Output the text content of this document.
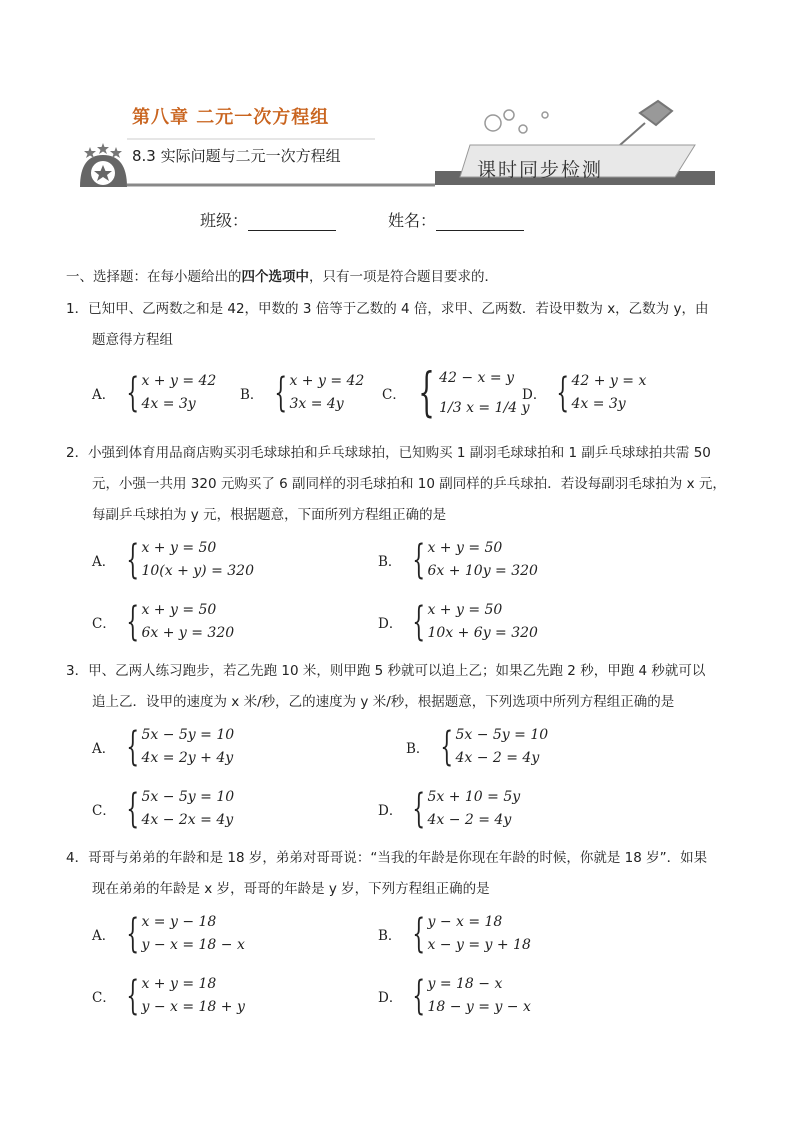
第八章 二元一次方程组
8.3 实际问题与二元一次方程组
课时同步检测
班级：	姓名：
一、选择题：在每小题给出的四个选项中，只有一项是符合题目要求的．
1．已知甲、乙两数之和是 42，甲数的 3 倍等于乙数的 4 倍，求甲、乙两数．若设甲数为 x，乙数为 y，由
题意得方程组
A． { x + y = 42
4x = 3y
B． { x + y = 42
3x = 4y
C． { 42 − x = y
1/3 x = 1/4 y
D． { 42 + y = x
4x = 3y
2．小强到体育用品商店购买羽毛球球拍和乒乓球球拍，已知购买 1 副羽毛球球拍和 1 副乒乓球球拍共需 50
元，小强一共用 320 元购买了 6 副同样的羽毛球拍和 10 副同样的乒乓球拍．若设每副羽毛球拍为 x 元，
每副乒乓球拍为 y 元，根据题意，下面所列方程组正确的是
A． { x + y = 50
10(x + y) = 320
B． { x + y = 50
6x + 10y = 320
C． { x + y = 50
6x + y = 320
D． { x + y = 50
10x + 6y = 320
3．甲、乙两人练习跑步，若乙先跑 10 米，则甲跑 5 秒就可以追上乙；如果乙先跑 2 秒，甲跑 4 秒就可以
追上乙．设甲的速度为 x 米/秒，乙的速度为 y 米/秒，根据题意，下列选项中所列方程组正确的是
A． { 5x − 5y = 10
4x = 2y + 4y
B． { 5x − 5y = 10
4x − 2 = 4y
C． { 5x − 5y = 10
4x − 2x = 4y
D． { 5x + 10 = 5y
4x − 2 = 4y
4．哥哥与弟弟的年龄和是 18 岁，弟弟对哥哥说：“当我的年龄是你现在年龄的时候，你就是 18 岁”．如果
现在弟弟的年龄是 x 岁，哥哥的年龄是 y 岁，下列方程组正确的是
A． { x = y − 18
y − x = 18 − x
B． { y − x = 18
x − y = y + 18
C． { x + y = 18
y − x = 18 + y
D． { y = 18 − x
18 − y = y − x
